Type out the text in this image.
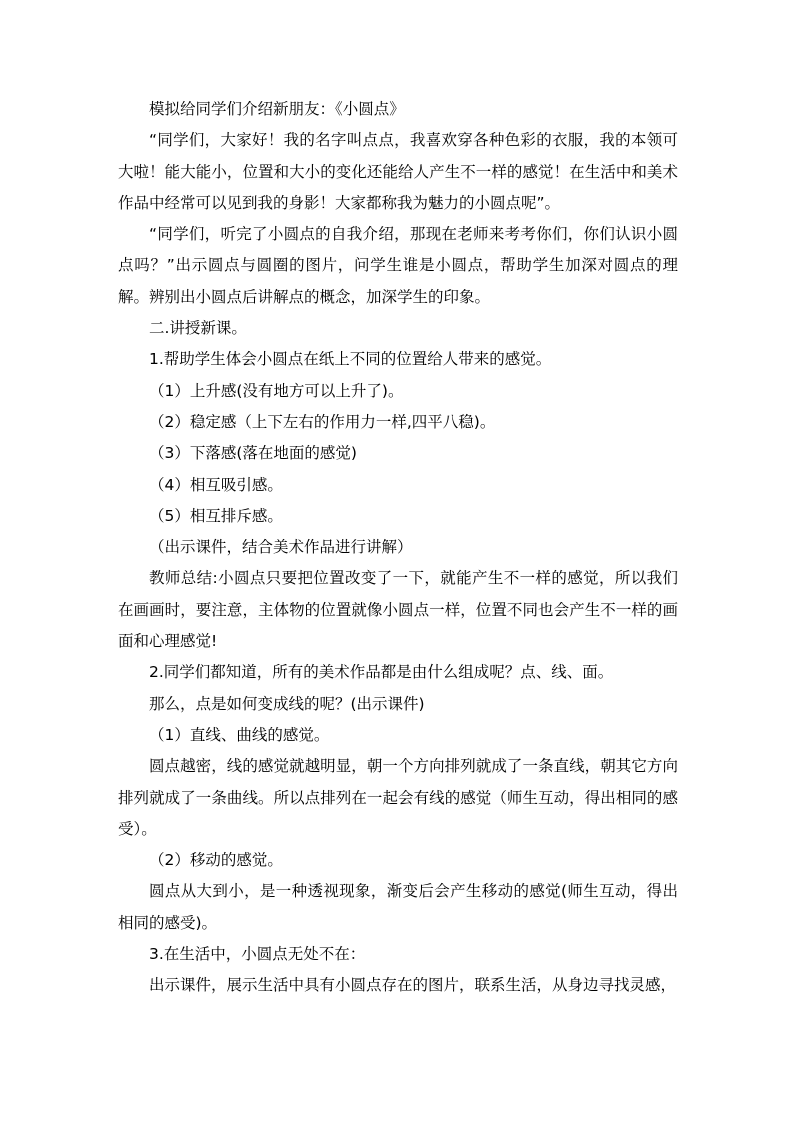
模拟给同学们介绍新朋友：《小圆点》

“同学们，大家好！我的名字叫点点，我喜欢穿各种色彩的衣服，我的本领可大啦！能大能小，位置和大小的变化还能给人产生不一样的感觉！在生活中和美术作品中经常可以见到我的身影！大家都称我为魅力的小圆点呢”。

“同学们，听完了小圆点的自我介绍，那现在老师来考考你们，你们认识小圆点吗？”出示圆点与圆圈的图片，问学生谁是小圆点，帮助学生加深对圆点的理解。辨别出小圆点后讲解点的概念，加深学生的印象。

二.讲授新课。

1.帮助学生体会小圆点在纸上不同的位置给人带来的感觉。

（1）上升感(没有地方可以上升了)。

（2）稳定感（上下左右的作用力一样,四平八稳)。

（3）下落感(落在地面的感觉)

（4）相互吸引感。

（5）相互排斥感。

（出示课件，结合美术作品进行讲解）

教师总结:小圆点只要把位置改变了一下，就能产生不一样的感觉，所以我们在画画时，要注意，主体物的位置就像小圆点一样，位置不同也会产生不一样的画面和心理感觉!

2.同学们都知道，所有的美术作品都是由什么组成呢？点、线、面。

那么，点是如何变成线的呢？(出示课件)

（1）直线、曲线的感觉。

圆点越密，线的感觉就越明显，朝一个方向排列就成了一条直线，朝其它方向排列就成了一条曲线。所以点排列在一起会有线的感觉（师生互动，得出相同的感受）。

（2）移动的感觉。

圆点从大到小，是一种透视现象，渐变后会产生移动的感觉(师生互动，得出相同的感受)。

3.在生活中，小圆点无处不在：

出示课件，展示生活中具有小圆点存在的图片，联系生活，从身边寻找灵感，
